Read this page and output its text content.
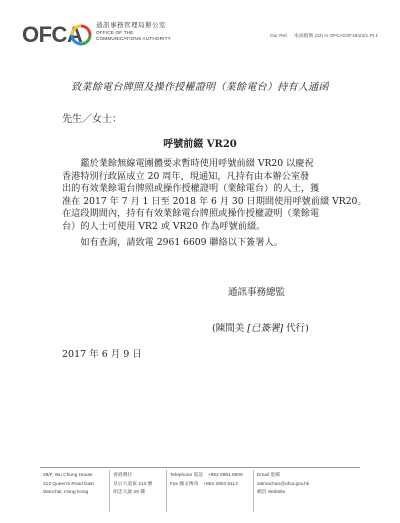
OFCA 通訊事務管理局辦公室
OFFICE OF THE
COMMUNICATIONS AUTHORITY	Our Ref. 本函檔號 (33) in OFCA/O/F49/23/1 Pt.1
致業餘電台牌照及操作授權證明（業餘電台）持有人通函
先生／女士：
呼號前綴 VR20
　　鑑於業餘無線電團體要求暫時使用呼號前綴 VR20 以慶祝
香港特別行政區成立 20 周年，現通知，凡持有由本辦公室發
出的有效業餘電台牌照或操作授權證明（業餘電台）的人士，獲
准在 2017 年 7 月 1 日至 2018 年 6 月 30 日期間使用呼號前綴 VR20。
在這段期間內，持有有效業餘電台牌照或操作授權證明（業餘電
台）的人士可使用 VR2 或 VR20 作為呼號前綴。
　　如有查詢，請致電 2961 6609 聯絡以下簽署人。
通訊事務總監
(陳閒美 [已簽署] 代行)
2017 年 6 月 9 日
29/F, Wu Chung House
213 Queen's Road East
Wanchai, Hong Kong
香港灣仔
皇后大道東 213 號
胡忠大廈 29 樓
Telephone 電話　+852 2961 6609
Fax 圖文傳真　+852 2803 5113
Email 電郵
salmachan@ofca.gov.hk
網頁 Website
